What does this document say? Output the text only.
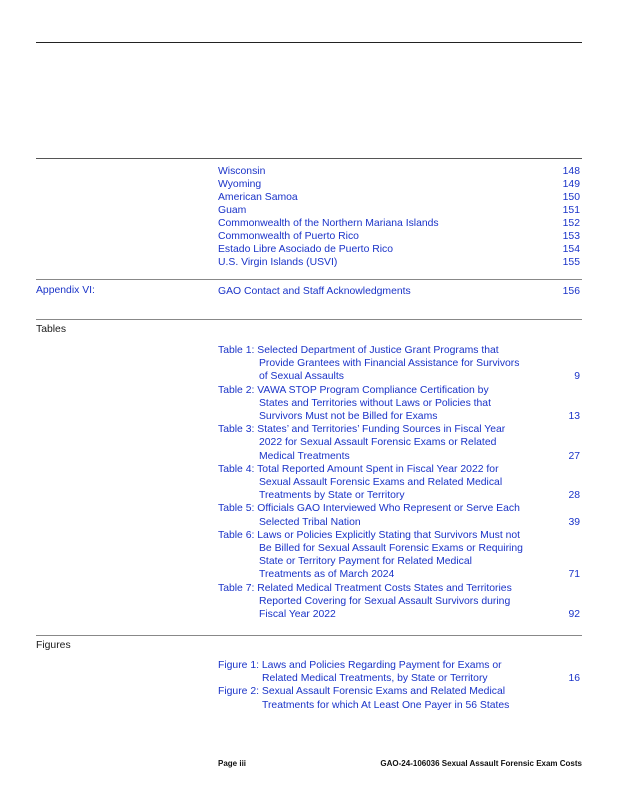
Wisconsin	148
Wyoming	149
American Samoa	150
Guam	151
Commonwealth of the Northern Mariana Islands	152
Commonwealth of Puerto Rico	153
Estado Libre Asociado de Puerto Rico	154
U.S. Virgin Islands (USVI)	155
Appendix VI:	GAO Contact and Staff Acknowledgments	156
Tables
Table 1: Selected Department of Justice Grant Programs that
Provide Grantees with Financial Assistance for Survivors
of Sexual Assaults	9
Table 2: VAWA STOP Program Compliance Certification by
States and Territories without Laws or Policies that
Survivors Must not be Billed for Exams	13
Table 3: States’ and Territories’ Funding Sources in Fiscal Year
2022 for Sexual Assault Forensic Exams or Related
Medical Treatments	27
Table 4: Total Reported Amount Spent in Fiscal Year 2022 for
Sexual Assault Forensic Exams and Related Medical
Treatments by State or Territory	28
Table 5: Officials GAO Interviewed Who Represent or Serve Each
Selected Tribal Nation	39
Table 6: Laws or Policies Explicitly Stating that Survivors Must not
Be Billed for Sexual Assault Forensic Exams or Requiring
State or Territory Payment for Related Medical
Treatments as of March 2024	71
Table 7: Related Medical Treatment Costs States and Territories
Reported Covering for Sexual Assault Survivors during
Fiscal Year 2022	92
Figures
Figure 1: Laws and Policies Regarding Payment for Exams or
Related Medical Treatments, by State or Territory	16
Figure 2: Sexual Assault Forensic Exams and Related Medical
Treatments for which At Least One Payer in 56 States
Page iii	GAO-24-106036 Sexual Assault Forensic Exam Costs
